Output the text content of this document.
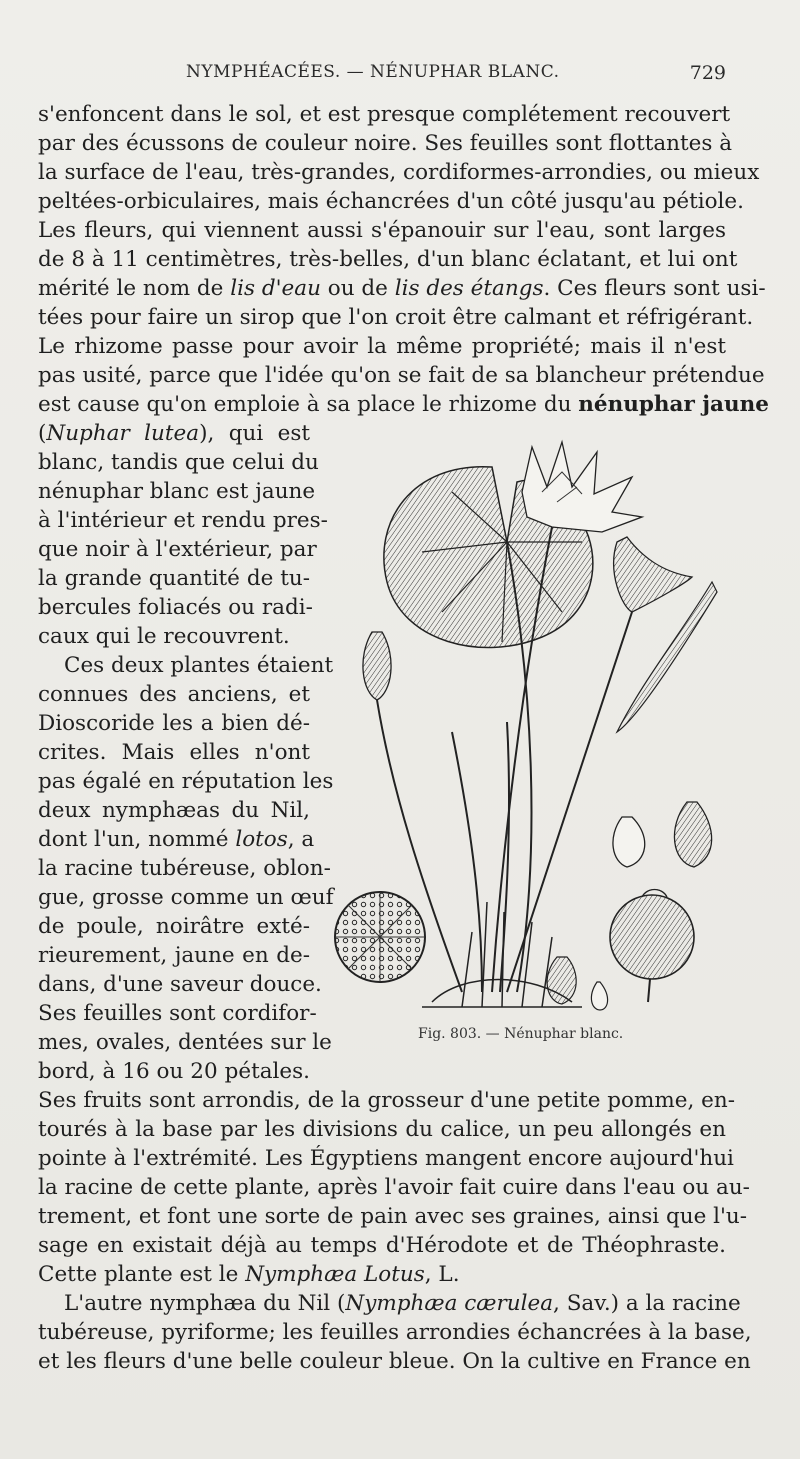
NYMPHÉACÉES. — NÉNUPHAR BLANC.	729
s'enfoncent dans le sol, et est presque complétement recouvert
par des écussons de couleur noire. Ses feuilles sont flottantes à
la surface de l'eau, très-grandes, cordiformes-arrondies, ou mieux
peltées-orbiculaires, mais échancrées d'un côté jusqu'au pétiole.
Les fleurs, qui viennent aussi s'épanouir sur l'eau, sont larges
de 8 à 11 centimètres, très-belles, d'un blanc éclatant, et lui ont
mérité le nom de lis d'eau ou de lis des étangs. Ces fleurs sont usi-
tées pour faire un sirop que l'on croit être calmant et réfrigérant.
Le rhizome passe pour avoir la même propriété; mais il n'est
pas usité, parce que l'idée qu'on se fait de sa blancheur prétendue
est cause qu'on emploie à sa place le rhizome du nénuphar jaune
(Nuphar lutea), qui est
blanc, tandis que celui du
nénuphar blanc est jaune
à l'intérieur et rendu pres-
que noir à l'extérieur, par
la grande quantité de tu-
bercules foliacés ou radi-
caux qui le recouvrent.
Ces deux plantes étaient
connues des anciens, et
Dioscoride les a bien dé-
crites. Mais elles n'ont
pas égalé en réputation les
deux nymphæas du Nil,
dont l'un, nommé lotos, a
la racine tubéreuse, oblon-
gue, grosse comme un œuf
de poule, noirâtre exté-
rieurement, jaune en de-
dans, d'une saveur douce.
Ses feuilles sont cordifor-
mes, ovales, dentées sur le
bord, à 16 ou 20 pétales.
Ses fruits sont arrondis, de la grosseur d'une petite pomme, en-
tourés à la base par les divisions du calice, un peu allongés en
pointe à l'extrémité. Les Égyptiens mangent encore aujourd'hui
la racine de cette plante, après l'avoir fait cuire dans l'eau ou au-
trement, et font une sorte de pain avec ses graines, ainsi que l'u-
sage en existait déjà au temps d'Hérodote et de Théophraste.
Cette plante est le Nymphæa Lotus, L.
L'autre nymphæa du Nil (Nymphæa cærulea, Sav.) a la racine
tubéreuse, pyriforme; les feuilles arrondies échancrées à la base,
et les fleurs d'une belle couleur bleue. On la cultive en France en
Fig. 803. — Nénuphar blanc.
